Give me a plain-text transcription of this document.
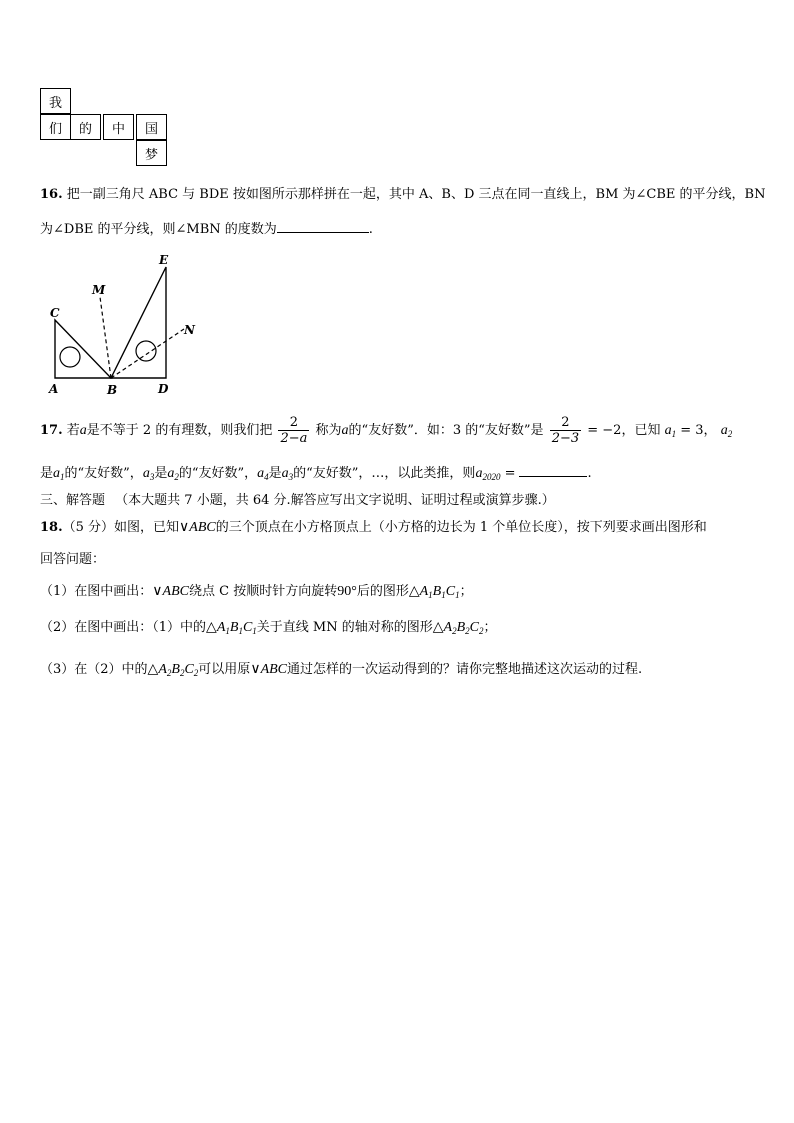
我
们	的	中	国
梦
16. 把一副三角尺 ABC 与 BDE 按如图所示那样拼在一起，其中 A、B、D 三点在同一直线上，BM 为∠CBE 的平分线，BN
为∠DBE 的平分线，则∠MBN 的度数为	.
C
A	B	D
E
M
N
17. 若a是不等于 2 的有理数，则我们把 $\frac{2}{2-a}$ 称为a的“友好数”．如：3 的“友好数”是 $\frac{2}{2-3} = -2$，已知 $a_1 = 3$， $a_2$
是$a_1$的“友好数”，$a_3$是$a_2$的“友好数”，$a_4$是$a_3$的“友好数”，…，以此类推，则$a_{2020}$ =	.
三、解答题 （本大题共 7 小题，共 64 分.解答应写出文字说明、证明过程或演算步骤.）
18.（5 分）如图，已知∨ABC的三个顶点在小方格顶点上（小方格的边长为 1 个单位长度），按下列要求画出图形和
回答问题：
（1）在图中画出：∨ABC绕点 C 按顺时针方向旋转90°后的图形$\triangle A_1B_1C_1$；
（2）在图中画出：（1）中的$\triangle A_1B_1C_1$关于直线 MN 的轴对称的图形$\triangle A_2B_2C_2$；
（3）在（2）中的$\triangle A_2B_2C_2$可以用原∨ABC通过怎样的一次运动得到的？请你完整地描述这次运动的过程.
